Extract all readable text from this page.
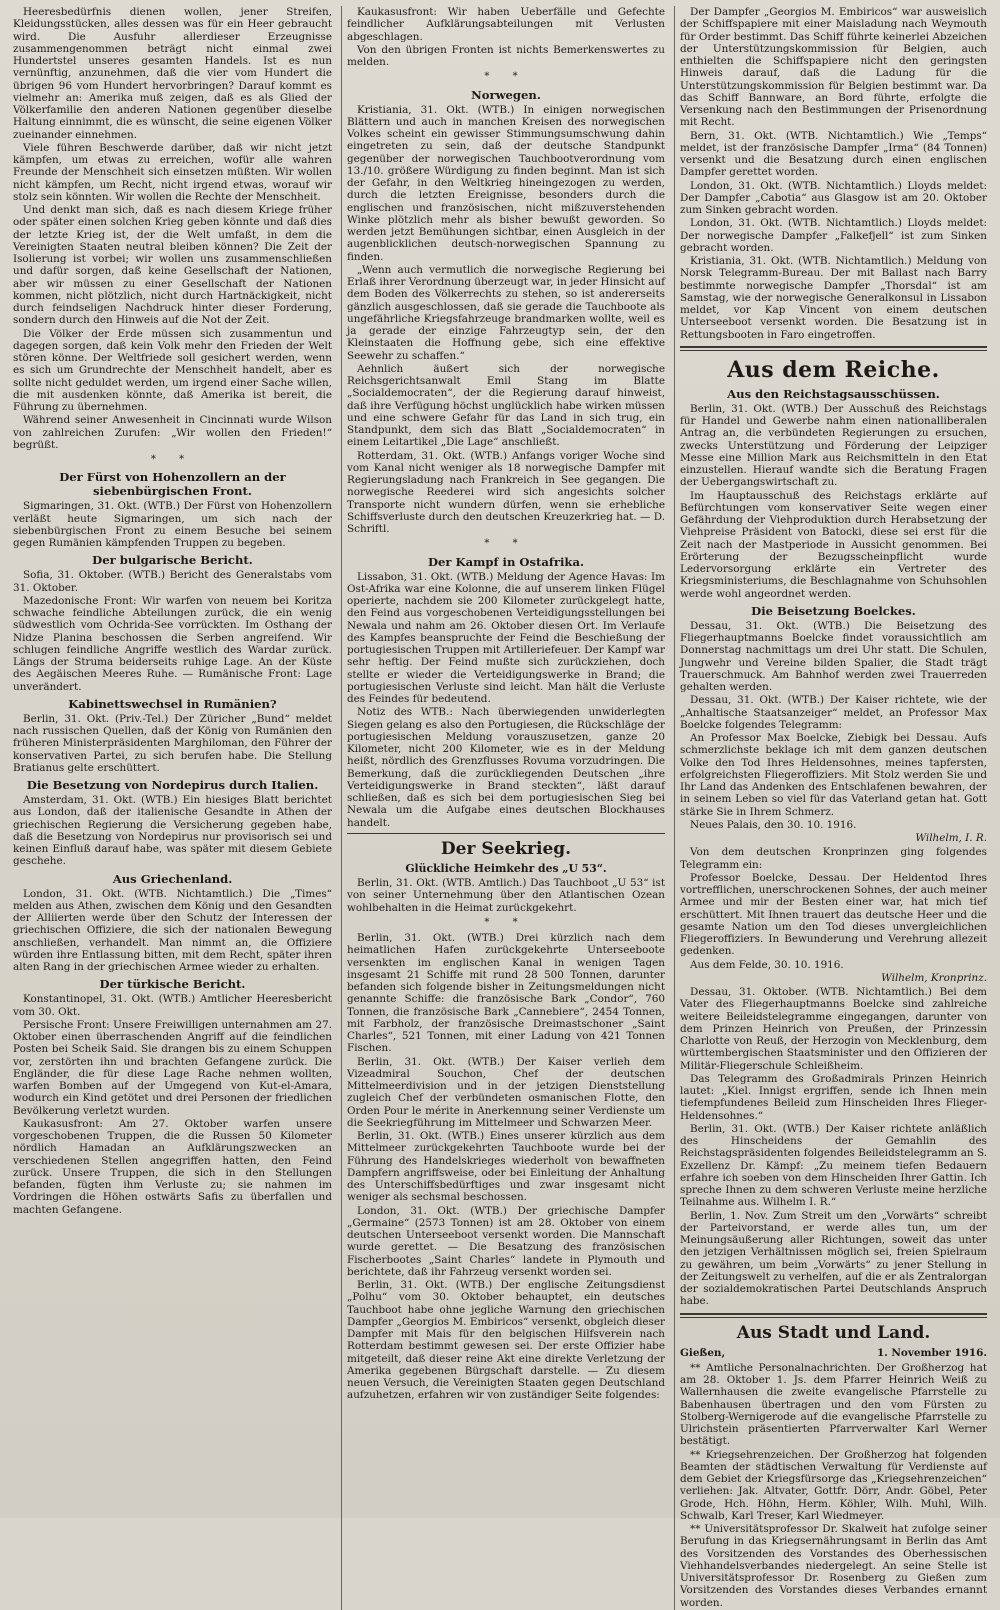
Heeresbedürfnis dienen wollen, jener Streifen, Kleidungsstücken, alles dessen was für ein Heer gebraucht wird. Die Ausfuhr allerdieser Erzeugnisse zusammengenommen beträgt nicht einmal zwei Hundertstel unseres gesamten Handels. Ist es nun vernünftig, anzunehmen, daß die vier vom Hundert die übrigen 96 vom Hundert hervorbringen? Darauf kommt es vielmehr an: Amerika muß zeigen, daß es als Glied der Völkerfamilie den anderen Nationen gegenüber dieselbe Haltung einnimmt, die es wünscht, die seine eigenen Völker zueinander einnehmen.

Viele führen Beschwerde darüber, daß wir nicht jetzt kämpfen, um etwas zu erreichen, wofür alle wahren Freunde der Menschheit sich einsetzen müßten. Wir wollen nicht kämpfen, um Recht, nicht irgend etwas, worauf wir stolz sein könnten. Wir wollen die Rechte der Menschheit.

Und denkt man sich, daß es nach diesem Kriege früher oder später einen solchen Krieg geben könnte und daß dies der letzte Krieg ist, der die Welt umfaßt, in dem die Vereinigten Staaten neutral bleiben können? Die Zeit der Isolierung ist vorbei; wir wollen uns zusammenschließen und dafür sorgen, daß keine Gesellschaft der Nationen, aber wir müssen zu einer Gesellschaft der Nationen kommen, nicht plötzlich, nicht durch Hartnäckigkeit, nicht durch feindseligen Nachdruck hinter dieser Forderung, sondern durch den Hinweis auf die Not der Zeit.

Die Völker der Erde müssen sich zusammentun und dagegen sorgen, daß kein Volk mehr den Frieden der Welt stören könne. Der Weltfriede soll gesichert werden, wenn es sich um Grundrechte der Menschheit handelt, aber es sollte nicht geduldet werden, um irgend einer Sache willen, die mit ausdenken könnte, daß Amerika ist bereit, die Führung zu übernehmen.

Während seiner Anwesenheit in Cincinnati wurde Wilson von zahlreichen Zurufen: „Wir wollen den Frieden!“ begrüßt.

* *
Der Fürst von Hohenzollern an der siebenbürgischen Front.

Sigmaringen, 31. Okt. (WTB.) Der Fürst von Hohenzollern verläßt heute Sigmaringen, um sich nach der siebenbürgischen Front zu einem Besuche bei seinem gegen Rumänien kämpfenden Truppen zu begeben.

Der bulgarische Bericht.

Sofia, 31. Oktober. (WTB.) Bericht des Generalstabs vom 31. Oktober.

Mazedonische Front: Wir warfen von neuem bei Koritza schwache feindliche Abteilungen zurück, die ein wenig südwestlich vom Ochrida-See vorrückten. Im Osthang der Nidze Planina beschossen die Serben angreifend. Wir schlugen feindliche Angriffe westlich des Wardar zurück. Längs der Struma beiderseits ruhige Lage. An der Küste des Aegäischen Meeres Ruhe. — Rumänische Front: Lage unverändert.

Kabinettswechsel in Rumänien?

Berlin, 31. Okt. (Priv.-Tel.) Der Züricher „Bund“ meldet nach russischen Quellen, daß der König von Rumänien den früheren Ministerpräsidenten Marghiloman, den Führer der konservativen Partei, zu sich berufen habe. Die Stellung Bratianus gelte erschüttert.

Die Besetzung von Nordepirus durch Italien.

Amsterdam, 31. Okt. (WTB.) Ein hiesiges Blatt berichtet aus London, daß der italienische Gesandte in Athen der griechischen Regierung die Versicherung gegeben habe, daß die Besetzung von Nordepirus nur provisorisch sei und keinen Einfluß darauf habe, was später mit diesem Gebiete geschehe.

Aus Griechenland.

London, 31. Okt. (WTB. Nichtamtlich.) Die „Times“ melden aus Athen, zwischen dem König und den Gesandten der Alliierten werde über den Schutz der Interessen der griechischen Offiziere, die sich der nationalen Bewegung anschließen, verhandelt. Man nimmt an, die Offiziere würden ihre Entlassung bitten, mit dem Recht, später ihren alten Rang in der griechischen Armee wieder zu erhalten.

Der türkische Bericht.

Konstantinopel, 31. Okt. (WTB.) Amtlicher Heeresbericht vom 30. Okt.

Persische Front: Unsere Freiwilligen unternahmen am 27. Oktober einen überraschenden Angriff auf die feindlichen Posten bei Scheik Said. Sie drangen bis zu einem Schuppen vor, zerstörten ihn und brachten Gefangene zurück. Die Engländer, die für diese Lage Rache nehmen wollten, warfen Bomben auf der Umgegend von Kut-el-Amara, wodurch ein Kind getötet und drei Personen der friedlichen Bevölkerung verletzt wurden.

Kaukasusfront: Am 27. Oktober warfen unsere vorgeschobenen Truppen, die die Russen 50 Kilometer nördlich Hamadan an Aufklärungszwecken an verschiedenen Stellen angegriffen hatten, den Feind zurück. Unsere Truppen, die sich in den Stellungen befanden, fügten ihm Verluste zu; sie nahmen im Vordringen die Höhen ostwärts Safis zu überfallen und machten Gefangene.

Kaukasusfront: Wir haben Ueberfälle und Gefechte feindlicher Aufklärungsabteilungen mit Verlusten abgeschlagen.

Von den übrigen Fronten ist nichts Bemerkenswertes zu melden.

* *
Norwegen.

Kristiania, 31. Okt. (WTB.) In einigen norwegischen Blättern und auch in manchen Kreisen des norwegischen Volkes scheint ein gewisser Stimmungsumschwung dahin eingetreten zu sein, daß der deutsche Standpunkt gegenüber der norwegischen Tauchbootverordnung vom 13./10. größere Würdigung zu finden beginnt. Man ist sich der Gefahr, in den Weltkrieg hineingezogen zu werden, durch die letzten Ereignisse, besonders durch die englischen und französischen, nicht mißzuverstehenden Winke plötzlich mehr als bisher bewußt geworden. So werden jetzt Bemühungen sichtbar, einen Ausgleich in der augenblicklichen deutsch-norwegischen Spannung zu finden.

„Wenn auch vermutlich die norwegische Regierung bei Erlaß ihrer Verordnung überzeugt war, in jeder Hinsicht auf dem Boden des Völkerrechts zu stehen, so ist andererseits gänzlich ausgeschlossen, daß sie gerade die Tauchboote als ungefährliche Kriegsfahrzeuge brandmarken wollte, weil es ja gerade der einzige Fahrzeugtyp sein, der den Kleinstaaten die Hoffnung gebe, sich eine effektive Seewehr zu schaffen.“

Aehnlich äußert sich der norwegische Reichsgerichtsanwalt Emil Stang im Blatte „Socialdemocraten“, der die Regierung darauf hinweist, daß ihre Verfügung höchst unglücklich habe wirken müssen und eine schwere Gefahr für das Land in sich trug, ein Standpunkt, dem sich das Blatt „Socialdemocraten“ in einem Leitartikel „Die Lage“ anschließt.

Rotterdam, 31. Okt. (WTB.) Anfangs voriger Woche sind vom Kanal nicht weniger als 18 norwegische Dampfer mit Regierungsladung nach Frankreich in See gegangen. Die norwegische Reederei wird sich angesichts solcher Transporte nicht wundern dürfen, wenn sie erhebliche Schiffsverluste durch den deutschen Kreuzerkrieg hat. — D. Schriftl.

* *
Der Kampf in Ostafrika.

Lissabon, 31. Okt. (WTB.) Meldung der Agence Havas: Im Ost-Afrika war eine Kolonne, die auf unserem linken Flügel operierte, nachdem sie 200 Kilometer zurückgelegt hatte, den Feind aus vorgeschobenen Verteidigungsstellungen bei Newala und nahm am 26. Oktober diesen Ort. Im Verlaufe des Kampfes beanspruchte der Feind die Beschießung der portugiesischen Truppen mit Artilleriefeuer. Der Kampf war sehr heftig. Der Feind mußte sich zurückziehen, doch stellte er wieder die Verteidigungswerke in Brand; die portugiesischen Verluste sind leicht. Man hält die Verluste des Feindes für bedeutend.

Notiz des WTB.: Nach überwiegenden unwiderlegten Siegen gelang es also den Portugiesen, die Rückschläge der portugiesischen Meldung vorauszusetzen, ganze 20 Kilometer, nicht 200 Kilometer, wie es in der Meldung heißt, nördlich des Grenzflusses Rovuma vorzudringen. Die Bemerkung, daß die zurückliegenden Deutschen „ihre Verteidigungswerke in Brand steckten“, läßt darauf schließen, daß es sich bei dem portugiesischen Sieg bei Newala um die Aufgabe eines deutschen Blockhauses handelt.

Der Seekrieg.
Glückliche Heimkehr des „U 53“.

Berlin, 31. Okt. (WTB. Amtlich.) Das Tauchboot „U 53“ ist von seiner Unternehmung über den Atlantischen Ozean wohlbehalten in die Heimat zurückgekehrt.

* *

Berlin, 31. Okt. (WTB.) Drei kürzlich nach dem heimatlichen Hafen zurückgekehrte Unterseeboote versenkten im englischen Kanal in wenigen Tagen insgesamt 21 Schiffe mit rund 28 500 Tonnen, darunter befanden sich folgende bisher in Zeitungsmeldungen nicht genannte Schiffe: die französische Bark „Condor“, 760 Tonnen, die französische Bark „Cannebiere“, 2454 Tonnen, mit Farbholz, der französische Dreimastschoner „Saint Charles“, 521 Tonnen, mit einer Ladung von 421 Tonnen Fischen.

Berlin, 31. Okt. (WTB.) Der Kaiser verlieh dem Vizeadmiral Souchon, Chef der deutschen Mittelmeerdivision und in der jetzigen Dienststellung zugleich Chef der verbündeten osmanischen Flotte, den Orden Pour le mérite in Anerkennung seiner Verdienste um die Seekriegführung im Mittelmeer und Schwarzen Meer.

Berlin, 31. Okt. (WTB.) Eines unserer kürzlich aus dem Mittelmeer zurückgekehrten Tauchboote wurde bei der Führung des Handelskrieges wiederholt von bewaffneten Dampfern angriffsweise, oder bei Einleitung der Anhaltung des Unterschiffsbedürftiges und zwar insgesamt nicht weniger als sechsmal beschossen.

London, 31. Okt. (WTB.) Der griechische Dampfer „Germaine“ (2573 Tonnen) ist am 28. Oktober von einem deutschen Unterseeboot versenkt worden. Die Mannschaft wurde gerettet. — Die Besatzung des französischen Fischerbootes „Saint Charles“ landete in Plymouth und berichtete, daß ihr Fahrzeug versenkt worden sei.

Berlin, 31. Okt. (WTB.) Der englische Zeitungsdienst „Polhu“ vom 30. Oktober behauptet, ein deutsches Tauchboot habe ohne jegliche Warnung den griechischen Dampfer „Georgios M. Embiricos“ versenkt, obgleich dieser Dampfer mit Mais für den belgischen Hilfsverein nach Rotterdam bestimmt gewesen sei. Der erste Offizier habe mitgeteilt, daß dieser reine Akt eine direkte Verletzung der Amerika gegebenen Bürgschaft darstelle. — Zu diesem neuen Versuch, die Vereinigten Staaten gegen Deutschland aufzuhetzen, erfahren wir von zuständiger Seite folgendes:

Der Dampfer „Georgios M. Embiricos“ war ausweislich der Schiffspapiere mit einer Maisladung nach Weymouth für Order bestimmt. Das Schiff führte keinerlei Abzeichen der Unterstützungskommission für Belgien, auch enthielten die Schiffspapiere nicht den geringsten Hinweis darauf, daß die Ladung für die Unterstützungskommission für Belgien bestimmt war. Da das Schiff Bannware, an Bord führte, erfolgte die Versenkung nach den Bestimmungen der Prisenordnung mit Recht.

Bern, 31. Okt. (WTB. Nichtamtlich.) Wie „Temps“ meldet, ist der französische Dampfer „Irma“ (84 Tonnen) versenkt und die Besatzung durch einen englischen Dampfer gerettet worden.

London, 31. Okt. (WTB. Nichtamtlich.) Lloyds meldet: Der Dampfer „Cabotia“ aus Glasgow ist am 20. Oktober zum Sinken gebracht worden.

London, 31. Okt. (WTB. Nichtamtlich.) Lloyds meldet: Der norwegische Dampfer „Falkefjell“ ist zum Sinken gebracht worden.

Kristiania, 31. Okt. (WTB. Nichtamtlich.) Meldung von Norsk Telegramm-Bureau. Der mit Ballast nach Barry bestimmte norwegische Dampfer „Thorsdal“ ist am Samstag, wie der norwegische Generalkonsul in Lissabon meldet, vor Kap Vincent von einem deutschen Unterseeboot versenkt worden. Die Besatzung ist in Rettungsbooten in Faro eingetroffen.

Aus dem Reiche.
Aus den Reichstagsausschüssen.

Berlin, 31. Okt. (WTB.) Der Ausschuß des Reichstags für Handel und Gewerbe nahm einen nationalliberalen Antrag an, die verbündeten Regierungen zu ersuchen, zwecks Unterstützung und Förderung der Leipziger Messe eine Million Mark aus Reichsmitteln in den Etat einzustellen. Hierauf wandte sich die Beratung Fragen der Uebergangswirtschaft zu.

Im Hauptausschuß des Reichstags erklärte auf Befürchtungen vom konservativer Seite wegen einer Gefährdung der Viehproduktion durch Herabsetzung der Viehpreise Präsident von Batocki, diese sei erst für die Zeit nach der Mastperiode in Aussicht genommen. Bei Erörterung der Bezugsscheinpflicht wurde Ledervorsorgung erklärte ein Vertreter des Kriegsministeriums, die Beschlagnahme von Schuhsohlen werde wohl angeordnet werden.

Die Beisetzung Boelckes.

Dessau, 31. Okt. (WTB.) Die Beisetzung des Fliegerhauptmanns Boelcke findet voraussichtlich am Donnerstag nachmittags um drei Uhr statt. Die Schulen, Jungwehr und Vereine bilden Spalier, die Stadt trägt Trauerschmuck. Am Bahnhof werden zwei Trauerreden gehalten werden.

Dessau, 31. Okt. (WTB.) Der Kaiser richtete, wie der „Anhaltische Staatsanzeiger“ meldet, an Professor Max Boelcke folgendes Telegramm:

An Professor Max Boelcke, Ziebigk bei Dessau. Aufs schmerzlichste beklage ich mit dem ganzen deutschen Volke den Tod Ihres Heldensohnes, meines tapfersten, erfolgreichsten Fliegeroffiziers. Mit Stolz werden Sie und Ihr Land das Andenken des Entschlafenen bewahren, der in seinem Leben so viel für das Vaterland getan hat. Gott stärke Sie in Ihrem Schmerz.

Neues Palais, den 30. 10. 1916.

Wilhelm, I. R.

Von dem deutschen Kronprinzen ging folgendes Telegramm ein:

Professor Boelcke, Dessau. Der Heldentod Ihres vortrefflichen, unerschrockenen Sohnes, der auch meiner Armee und mir der Besten einer war, hat mich tief erschüttert. Mit Ihnen trauert das deutsche Heer und die gesamte Nation um den Tod dieses unvergleichlichen Fliegeroffiziers. In Bewunderung und Verehrung allezeit gedenken.

Aus dem Felde, 30. 10. 1916.

Wilhelm, Kronprinz.

Dessau, 31. Oktober. (WTB. Nichtamtlich.) Bei dem Vater des Fliegerhauptmanns Boelcke sind zahlreiche weitere Beileidstelegramme eingegangen, darunter von dem Prinzen Heinrich von Preußen, der Prinzessin Charlotte von Reuß, der Herzogin von Mecklenburg, dem württembergischen Staatsminister und den Offizieren der Militär-Fliegerschule Schleißheim.

Das Telegramm des Großadmirals Prinzen Heinrich lautet: „Kiel. Innigst ergriffen, sende ich Ihnen mein tiefempfundenes Beileid zum Hinscheiden Ihres Flieger-Heldensohnes.“

Berlin, 31. Okt. (WTB.) Der Kaiser richtete anläßlich des Hinscheidens der Gemahlin des Reichstagspräsidenten folgendes Beileidstelegramm an S. Exzellenz Dr. Kämpf: „Zu meinem tiefen Bedauern erfahre ich soeben von dem Hinscheiden Ihrer Gattin. Ich spreche Ihnen zu dem schweren Verluste meine herzliche Teilnahme aus. Wilhelm I. R.“

Berlin, 1. Nov. Zum Streit um den „Vorwärts“ schreibt der Parteivorstand, er werde alles tun, um der Meinungsäußerung aller Richtungen, soweit das unter den jetzigen Verhältnissen möglich sei, freien Spielraum zu gewähren, um beim „Vorwärts“ zu jener Stellung in der Zeitungswelt zu verhelfen, auf die er als Zentralorgan der sozialdemokratischen Partei Deutschlands Anspruch habe.

Aus Stadt und Land.
Gießen,	1. November 1916.

** Amtliche Personalnachrichten. Der Großherzog hat am 28. Oktober 1. Js. dem Pfarrer Heinrich Weiß zu Wallernhausen die zweite evangelische Pfarrstelle zu Babenhausen übertragen und den vom Fürsten zu Stolberg-Wernigerode auf die evangelische Pfarrstelle zu Ulrichstein präsentierten Pfarrverwalter Karl Werner bestätigt.

** Kriegsehrenzeichen. Der Großherzog hat folgenden Beamten der städtischen Verwaltung für Verdienste auf dem Gebiet der Kriegsfürsorge das „Kriegsehrenzeichen“ verliehen: Jak. Altvater, Gottfr. Dörr, Andr. Göbel, Peter Grode, Hch. Höhn, Herm. Köhler, Wilh. Muhl, Wilh. Schwalb, Karl Treser, Karl Wiedmeyer.

** Universitätsprofessor Dr. Skalweit hat zufolge seiner Berufung in das Kriegsernährungsamt in Berlin das Amt des Vorsitzenden des Vorstandes des Oberhessischen Viehhandelsverbandes niedergelegt. An seine Stelle ist Universitätsprofessor Dr. Rosenberg zu Gießen zum Vorsitzenden des Vorstandes dieses Verbandes ernannt worden.
